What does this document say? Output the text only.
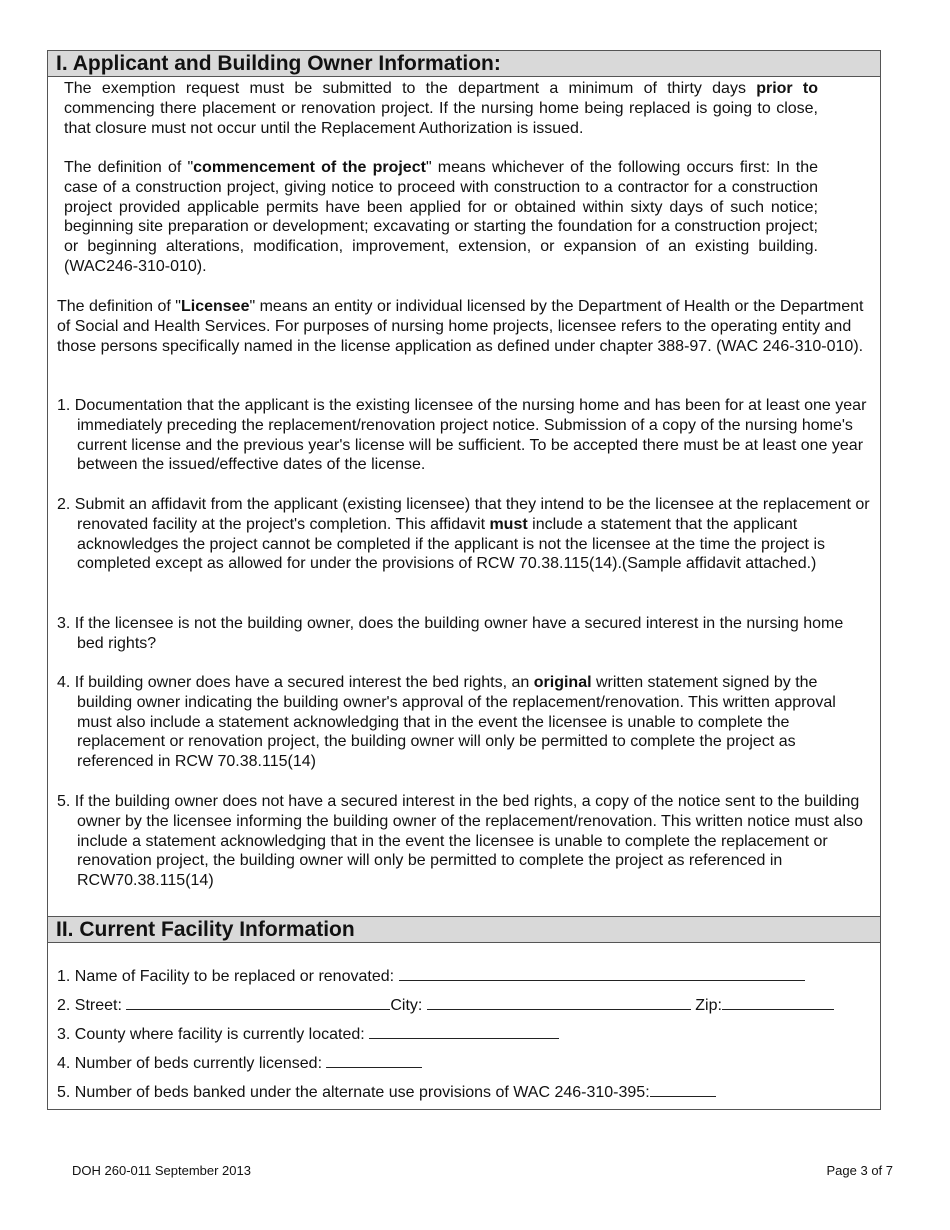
I. Applicant and Building Owner Information:

The exemption request must be submitted to the department a minimum of thirty days prior to commencing there placement or renovation project. If the nursing home being replaced is going to close, that closure must not occur until the Replacement Authorization is issued.

The definition of "commencement of the project" means whichever of the following occurs first: In the case of a construction project, giving notice to proceed with construction to a contractor for a construction project provided applicable permits have been applied for or obtained within sixty days of such notice; beginning site preparation or development; excavating or starting the foundation for a construction project; or beginning alterations, modification, improvement, extension, or expansion of an existing building. (WAC246-310-010).

The definition of "Licensee" means an entity or individual licensed by the Department of Health or the Department of Social and Health Services. For purposes of nursing home projects, licensee refers to the operating entity and those persons specifically named in the license application as defined under chapter 388-97. (WAC 246-310-010).

1. Documentation that the applicant is the existing licensee of the nursing home and has been for at least one year immediately preceding the replacement/renovation project notice. Submission of a copy of the nursing home's current license and the previous year's license will be sufficient. To be accepted there must be at least one year between the issued/effective dates of the license.

2. Submit an affidavit from the applicant (existing licensee) that they intend to be the licensee at the replacement or renovated facility at the project's completion. This affidavit must include a statement that the applicant acknowledges the project cannot be completed if the applicant is not the licensee at the time the project is completed except as allowed for under the provisions of RCW 70.38.115(14).(Sample affidavit attached.)

3. If the licensee is not the building owner, does the building owner have a secured interest in the nursing home bed rights?

4. If building owner does have a secured interest the bed rights, an original written statement signed by the building owner indicating the building owner's approval of the replacement/renovation. This written approval must also include a statement acknowledging that in the event the licensee is unable to complete the replacement or renovation project, the building owner will only be permitted to complete the project as referenced in RCW 70.38.115(14)

5. If the building owner does not have a secured interest in the bed rights, a copy of the notice sent to the building owner by the licensee informing the building owner of the replacement/renovation. This written notice must also include a statement acknowledging that in the event the licensee is unable to complete the replacement or renovation project, the building owner will only be permitted to complete the project as referenced in RCW70.38.115(14)

II. Current Facility Information
1. Name of Facility to be replaced or renovated:
2. Street:	City:	Zip:
3. County where facility is currently located:
4. Number of beds currently licensed:
5. Number of beds banked under the alternate use provisions of WAC 246-310-395:
DOH 260-011 September 2013	Page 3 of 7
